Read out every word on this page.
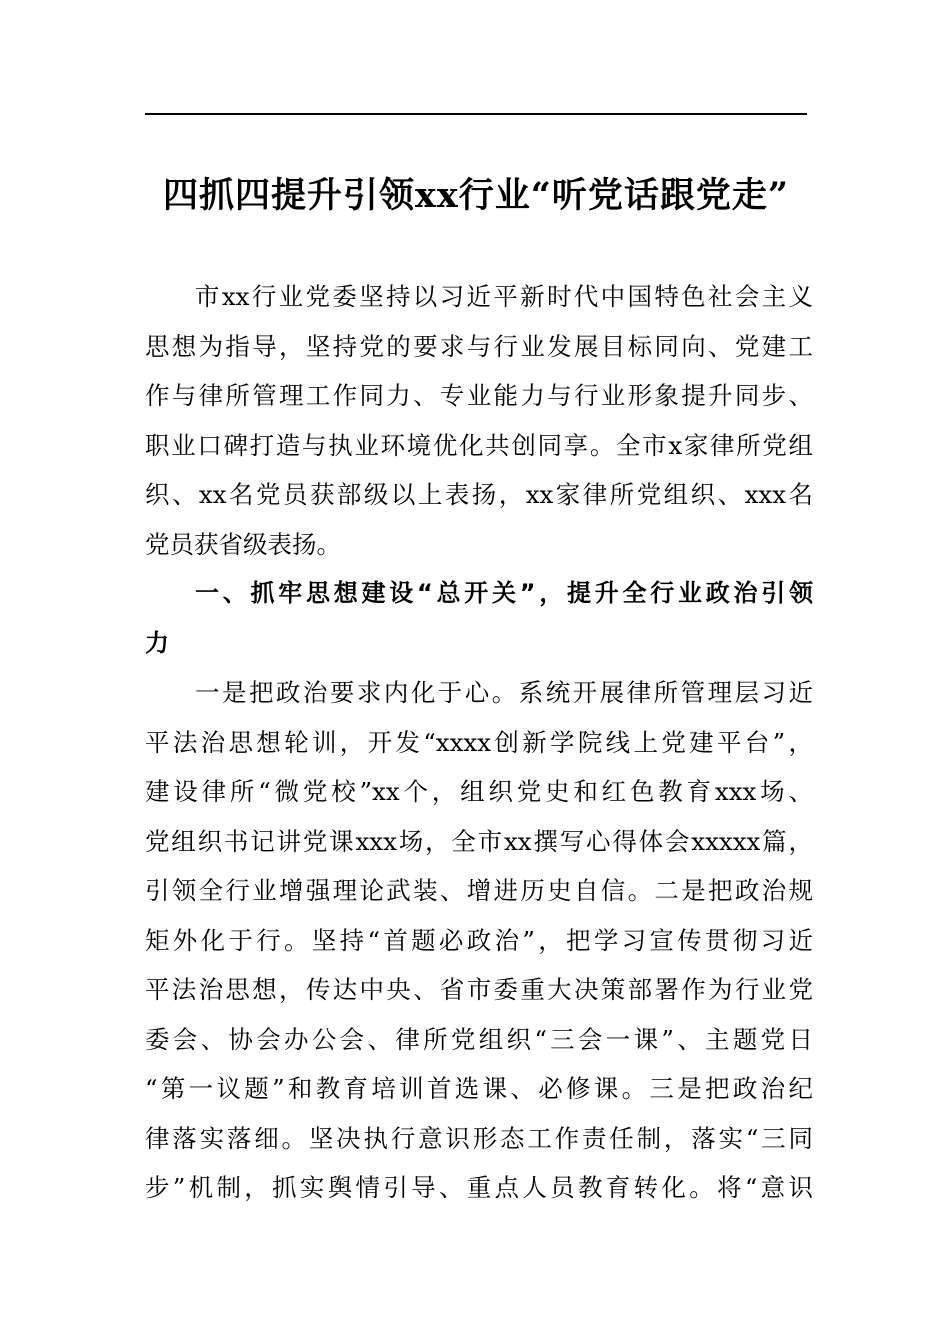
四抓四提升引领xx行业“听党话跟党走”
市xx行业党委坚持以习近平新时代中国特色社会主义
思想为指导，坚持党的要求与行业发展目标同向、党建工
作与律所管理工作同力、专业能力与行业形象提升同步、
职业口碑打造与执业环境优化共创同享。全市x家律所党组
织、xx名党员获部级以上表扬，xx家律所党组织、xxx名
党员获省级表扬。
一、抓牢思想建设“总开关”，提升全行业政治引领
力
一是把政治要求内化于心。系统开展律所管理层习近
平法治思想轮训，开发“xxxx创新学院线上党建平台”，
建设律所“微党校”xx个，组织党史和红色教育xxx场、
党组织书记讲党课xxx场，全市xx撰写心得体会xxxxx篇，
引领全行业增强理论武装、增进历史自信。二是把政治规
矩外化于行。坚持“首题必政治”，把学习宣传贯彻习近
平法治思想，传达中央、省市委重大决策部署作为行业党
委会、协会办公会、律所党组织“三会一课”、主题党日
“第一议题”和教育培训首选课、必修课。三是把政治纪
律落实落细。坚决执行意识形态工作责任制，落实“三同
步”机制，抓实舆情引导、重点人员教育转化。将“意识
